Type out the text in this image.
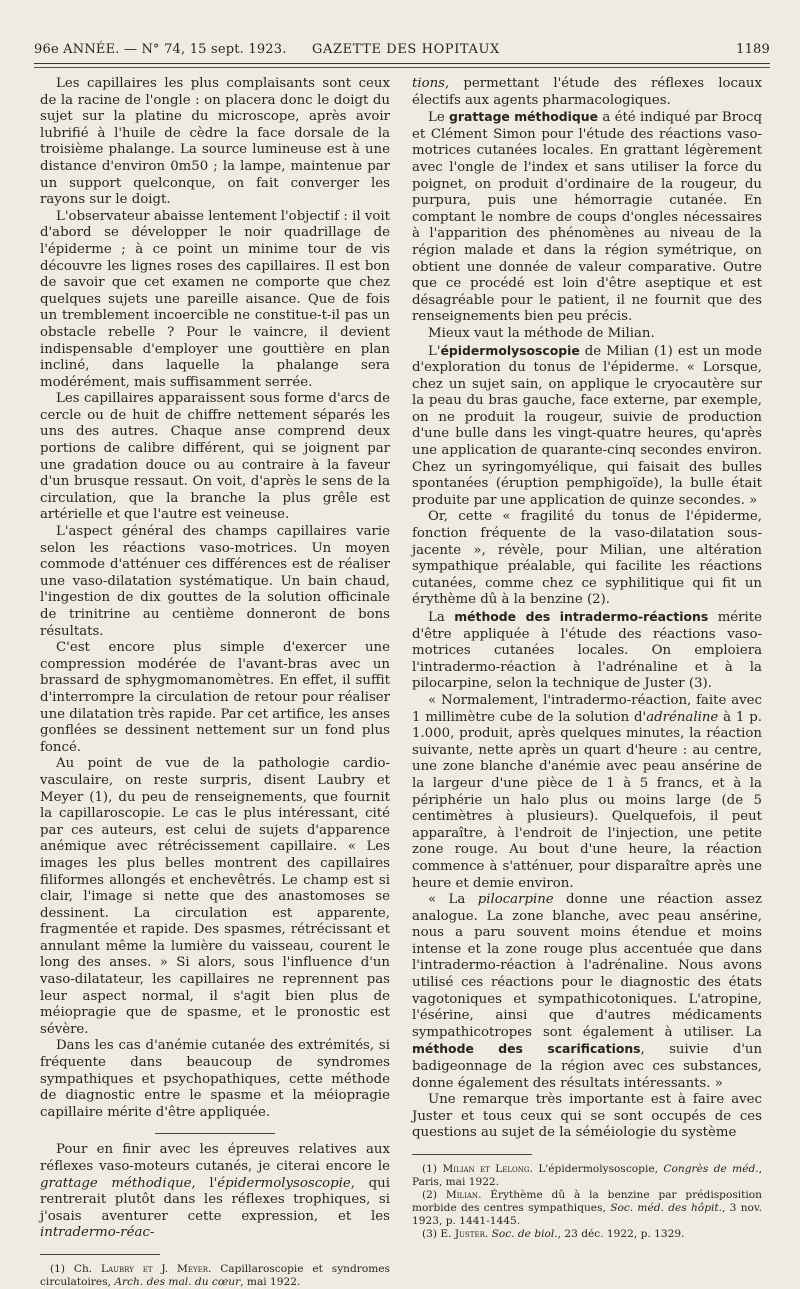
96e ANNÉE. — N° 74, 15 sept. 1923. GAZETTE DES HOPITAUX	1189

Les capillaires les plus complaisants sont ceux de la racine de l'ongle : on placera donc le doigt du sujet sur la platine du microscope, après avoir lubrifié à l'huile de cèdre la face dorsale de la troisième phalange. La source lumineuse est à une distance d'environ 0m50 ; la lampe, maintenue par un support quelconque, on fait converger les rayons sur le doigt.

L'observateur abaisse lentement l'objectif : il voit d'abord se développer le noir quadrillage de l'épiderme ; à ce point un minime tour de vis découvre les lignes roses des capillaires. Il est bon de savoir que cet examen ne comporte que chez quelques sujets une pareille aisance. Que de fois un tremblement incoercible ne constitue-t-il pas un obstacle rebelle ? Pour le vaincre, il devient indispensable d'employer une gouttière en plan incliné, dans laquelle la phalange sera modérément, mais suffisamment serrée.

Les capillaires apparaissent sous forme d'arcs de cercle ou de huit de chiffre nettement séparés les uns des autres. Chaque anse comprend deux portions de calibre différent, qui se joignent par une gradation douce ou au contraire à la faveur d'un brusque ressaut. On voit, d'après le sens de la circulation, que la branche la plus grêle est artérielle et que l'autre est veineuse.

L'aspect général des champs capillaires varie selon les réactions vaso-motrices. Un moyen commode d'atténuer ces différences est de réaliser une vaso-dilatation systématique. Un bain chaud, l'ingestion de dix gouttes de la solution officinale de trinitrine au centième donneront de bons résultats.

C'est encore plus simple d'exercer une compression modérée de l'avant-bras avec un brassard de sphygmomanomètres. En effet, il suffit d'interrompre la circulation de retour pour réaliser une dilatation très rapide. Par cet artifice, les anses gonflées se dessinent nettement sur un fond plus foncé.

Au point de vue de la pathologie cardio-vasculaire, on reste surpris, disent Laubry et Meyer (1), du peu de renseignements, que fournit la capillaroscopie. Le cas le plus intéressant, cité par ces auteurs, est celui de sujets d'apparence anémique avec rétrécissement capillaire. « Les images les plus belles montrent des capillaires filiformes allongés et enchevêtrés. Le champ est si clair, l'image si nette que des anastomoses se dessinent. La circulation est apparente, fragmentée et rapide. Des spasmes, rétrécissant et annulant même la lumière du vaisseau, courent le long des anses. » Si alors, sous l'influence d'un vaso-dilatateur, les capillaires ne reprennent pas leur aspect normal, il s'agit bien plus de méiopragie que de spasme, et le pronostic est sévère.

Dans les cas d'anémie cutanée des extrémités, si fréquente dans beaucoup de syndromes sympathiques et psychopathiques, cette méthode de diagnostic entre le spasme et la méiopragie capillaire mérite d'être appliquée.

Pour en finir avec les épreuves relatives aux réflexes vaso-moteurs cutanés, je citerai encore le grattage méthodique, l'épidermolysoscopie, qui rentrerait plutôt dans les réflexes trophiques, si j'osais aventurer cette expression, et les intradermo-réac-

(1) Ch. Laubry et J. Meyer. Capillaroscopie et syndromes circulatoires, Arch. des mal. du cœur, mai 1922.

tions, permettant l'étude des réflexes locaux électifs aux agents pharmacologiques.

Le grattage méthodique a été indiqué par Brocq et Clément Simon pour l'étude des réactions vaso-motrices cutanées locales. En grattant légèrement avec l'ongle de l'index et sans utiliser la force du poignet, on produit d'ordinaire de la rougeur, du purpura, puis une hémorragie cutanée. En comptant le nombre de coups d'ongles nécessaires à l'apparition des phénomènes au niveau de la région malade et dans la région symétrique, on obtient une donnée de valeur comparative. Outre que ce procédé est loin d'être aseptique et est désagréable pour le patient, il ne fournit que des renseignements bien peu précis.

Mieux vaut la méthode de Milian.

L'épidermolysoscopie de Milian (1) est un mode d'exploration du tonus de l'épiderme. « Lorsque, chez un sujet sain, on applique le cryocautère sur la peau du bras gauche, face externe, par exemple, on ne produit la rougeur, suivie de production d'une bulle dans les vingt-quatre heures, qu'après une application de quarante-cinq secondes environ. Chez un syringomyélique, qui faisait des bulles spontanées (éruption pemphigoïde), la bulle était produite par une application de quinze secondes. »

Or, cette « fragilité du tonus de l'épiderme, fonction fréquente de la vaso-dilatation sous-jacente », révèle, pour Milian, une altération sympathique préalable, qui facilite les réactions cutanées, comme chez ce syphilitique qui fit un érythème dû à la benzine (2).

La méthode des intradermo-réactions mérite d'être appliquée à l'étude des réactions vaso-motrices cutanées locales. On emploiera l'intradermo-réaction à l'adrénaline et à la pilocarpine, selon la technique de Juster (3).

« Normalement, l'intradermo-réaction, faite avec 1 millimètre cube de la solution d'adrénaline à 1 p. 1.000, produit, après quelques minutes, la réaction suivante, nette après un quart d'heure : au centre, une zone blanche d'anémie avec peau ansérine de la largeur d'une pièce de 1 à 5 francs, et à la périphérie un halo plus ou moins large (de 5 centimètres à plusieurs). Quelquefois, il peut apparaître, à l'endroit de l'injection, une petite zone rouge. Au bout d'une heure, la réaction commence à s'atténuer, pour disparaître après une heure et demie environ.

« La pilocarpine donne une réaction assez analogue. La zone blanche, avec peau ansérine, nous a paru souvent moins étendue et moins intense et la zone rouge plus accentuée que dans l'intradermo-réaction à l'adrénaline. Nous avons utilisé ces réactions pour le diagnostic des états vagotoniques et sympathicotoniques. L'atropine, l'ésérine, ainsi que d'autres médicaments sympathicotropes sont également à utiliser. La méthode des scarifications, suivie d'un badigeonnage de la région avec ces substances, donne également des résultats intéressants. »

Une remarque très importante est à faire avec Juster et tous ceux qui se sont occupés de ces questions au sujet de la séméiologie du système

(1) Milian et Lelong. L'épidermolysoscopie, Congrès de méd., Paris, mai 1922.

(2) Milian. Érythème dû à la benzine par prédisposition morbide des centres sympathiques, Soc. méd. des hôpit., 3 nov. 1923, p. 1441-1445.

(3) E. Juster. Soc. de biol., 23 déc. 1922, p. 1329.
